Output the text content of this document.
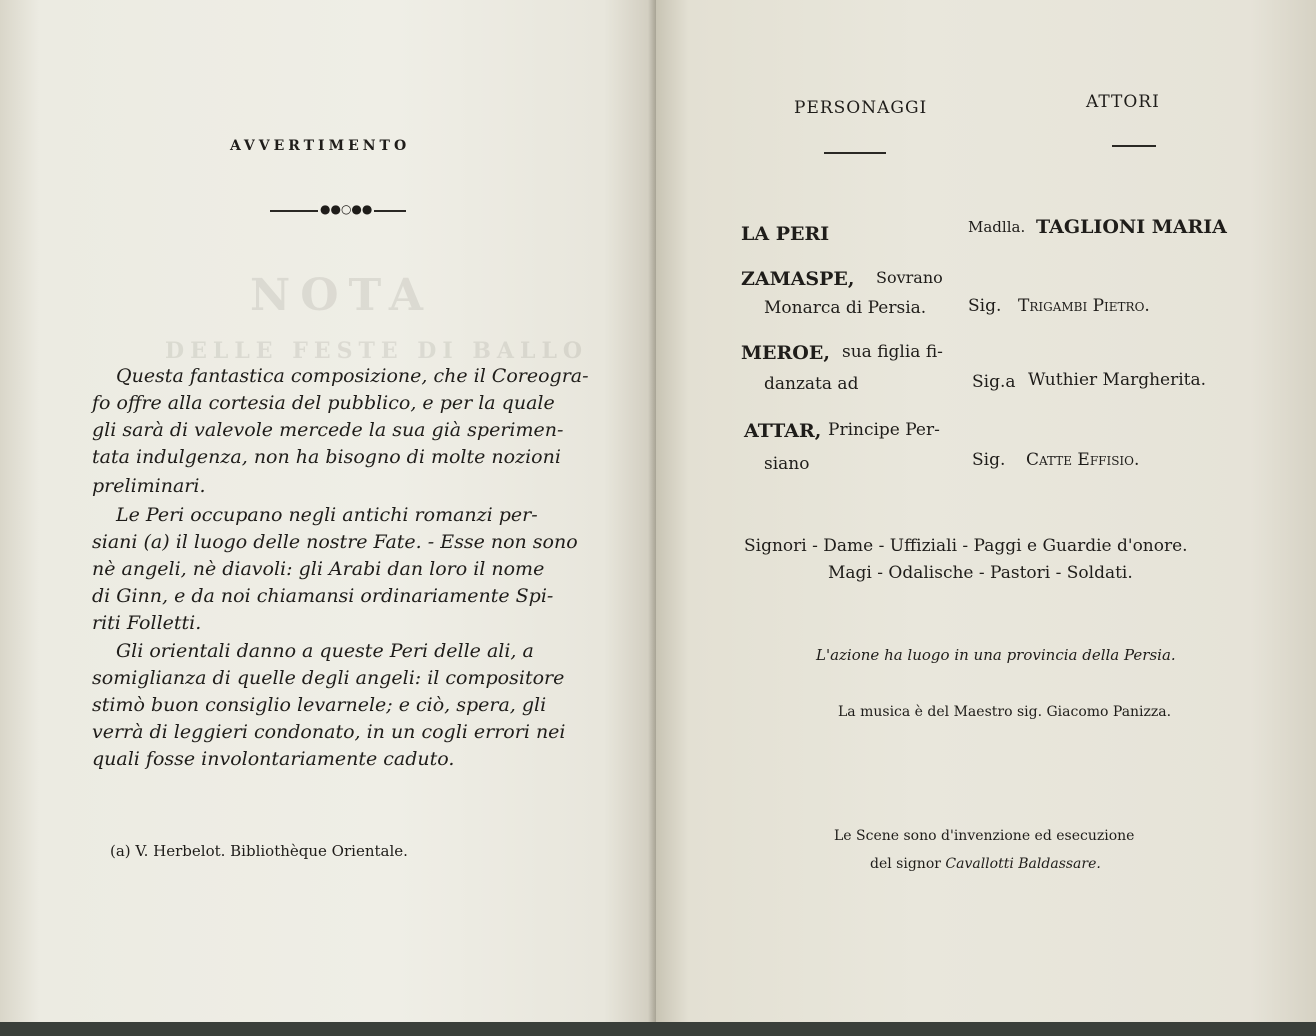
NOTA
DELLE FESTE DI BALLO
AVVERTIMENTO
●●○●●
Questa fantastica composizione, che il Coreogra-
fo offre alla cortesia del pubblico, e per la quale
gli sarà di valevole mercede la sua già sperimen-
tata indulgenza, non ha bisogno di molte nozioni
preliminari.
Le Peri occupano negli antichi romanzi per-
siani (a) il luogo delle nostre Fate. - Esse non sono
nè angeli, nè diavoli: gli Arabi dan loro il nome
di Ginn, e da noi chiamansi ordinariamente Spi-
riti Folletti.
Gli orientali danno a queste Peri delle ali, a
somiglianza di quelle degli angeli: il compositore
stimò buon consiglio levarnele; e ciò, spera, gli
verrà di leggieri condonato, in un cogli errori nei
quali fosse involontariamente caduto.
(a) V. Herbelot. Bibliothèque Orientale.
PERSONAGGI	ATTORI
LA PERI	Madlla. TAGLIONI MARIA
ZAMASPE, Sovrano
Monarca di Persia. Sig. Trigambi Pietro.
MEROE, sua figlia fi-
danzata ad	Sig.a Wuthier Margherita.
ATTAR, Principe Per-
siano	Sig. Catte Effisio.
Signori - Dame - Uffiziali - Paggi e Guardie d'onore.
Magi - Odalische - Pastori - Soldati.
L'azione ha luogo in una provincia della Persia.
La musica è del Maestro sig. Giacomo Panizza.
Le Scene sono d'invenzione ed esecuzione
del signor Cavallotti Baldassare.
